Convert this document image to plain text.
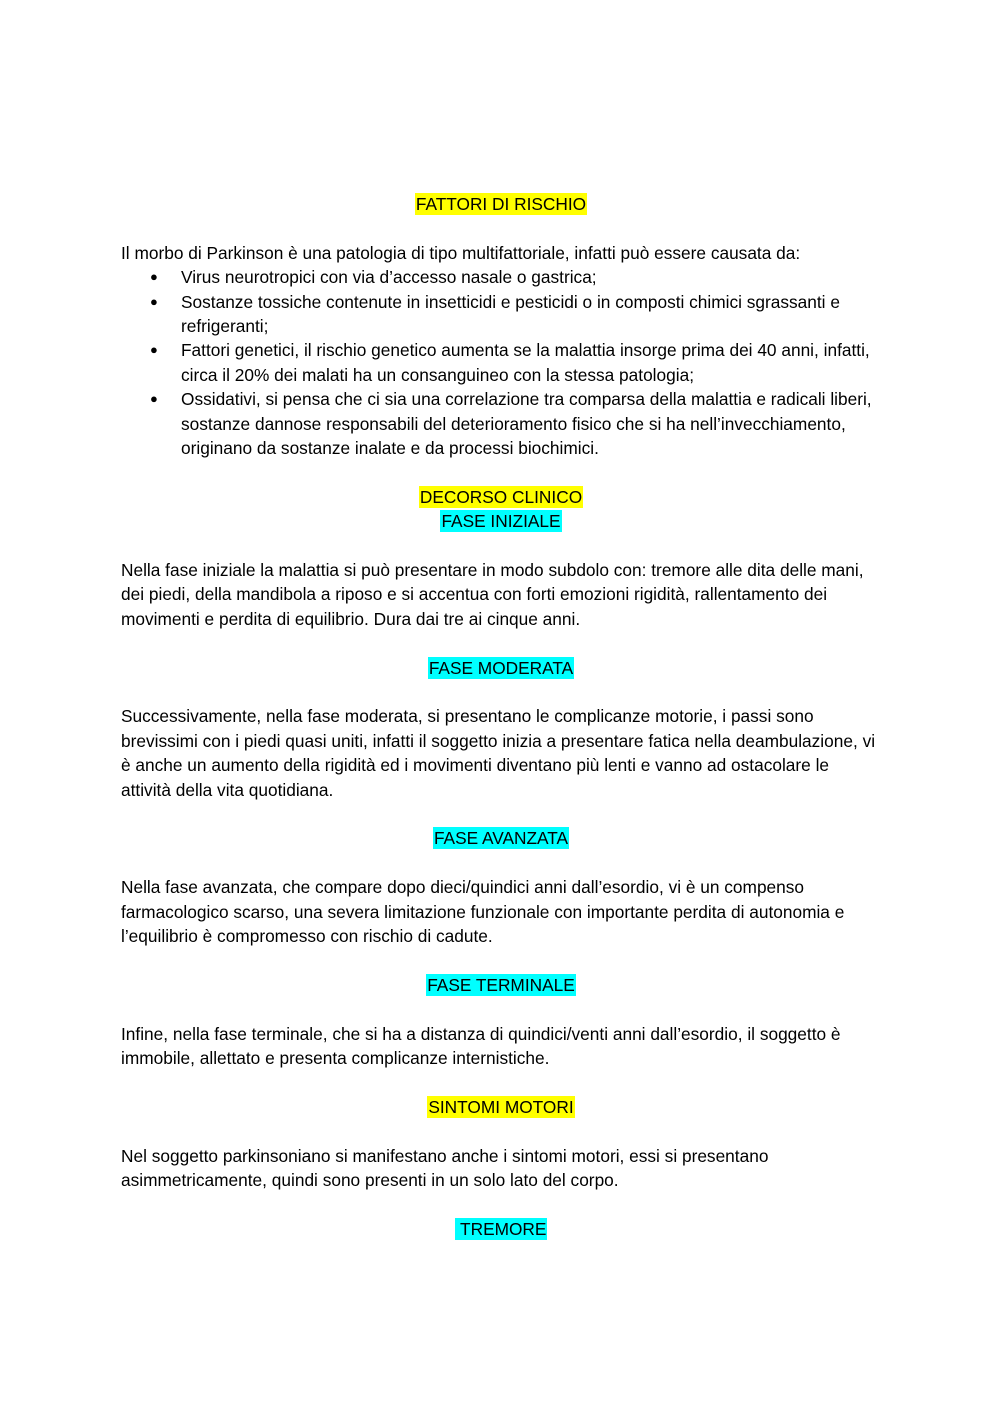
FATTORI DI RISCHIO

Il morbo di Parkinson è una patologia di tipo multifattoriale, infatti può essere causata da:

● Virus neurotropici con via d’accesso nasale o gastrica;
● Sostanze tossiche contenute in insetticidi e pesticidi o in composti chimici sgrassanti e refrigeranti;
● Fattori genetici, il rischio genetico aumenta se la malattia insorge prima dei 40 anni, infatti, circa il 20% dei malati ha un consanguineo con la stessa patologia;
● Ossidativi, si pensa che ci sia una correlazione tra comparsa della malattia e radicali liberi, sostanze dannose responsabili del deterioramento fisico che si ha nell’invecchiamento, originano da sostanze inalate e da processi biochimici.

DECORSO CLINICO

FASE INIZIALE

Nella fase iniziale la malattia si può presentare in modo subdolo con: tremore alle dita delle mani, dei piedi, della mandibola a riposo e si accentua con forti emozioni rigidità, rallentamento dei movimenti e perdita di equilibrio. Dura dai tre ai cinque anni.

FASE MODERATA

Successivamente, nella fase moderata, si presentano le complicanze motorie, i passi sono brevissimi con i piedi quasi uniti, infatti il soggetto inizia a presentare fatica nella deambulazione, vi è anche un aumento della rigidità ed i movimenti diventano più lenti e vanno ad ostacolare le attività della vita quotidiana.

FASE AVANZATA

Nella fase avanzata, che compare dopo dieci/quindici anni dall’esordio, vi è un compenso farmacologico scarso, una severa limitazione funzionale con importante perdita di autonomia e l’equilibrio è compromesso con rischio di cadute.

FASE TERMINALE

Infine, nella fase terminale, che si ha a distanza di quindici/venti anni dall’esordio, il soggetto è immobile, allettato e presenta complicanze internistiche.

SINTOMI MOTORI

Nel soggetto parkinsoniano si manifestano anche i sintomi motori, essi si presentano asimmetricamente, quindi sono presenti in un solo lato del corpo.

TREMORE
